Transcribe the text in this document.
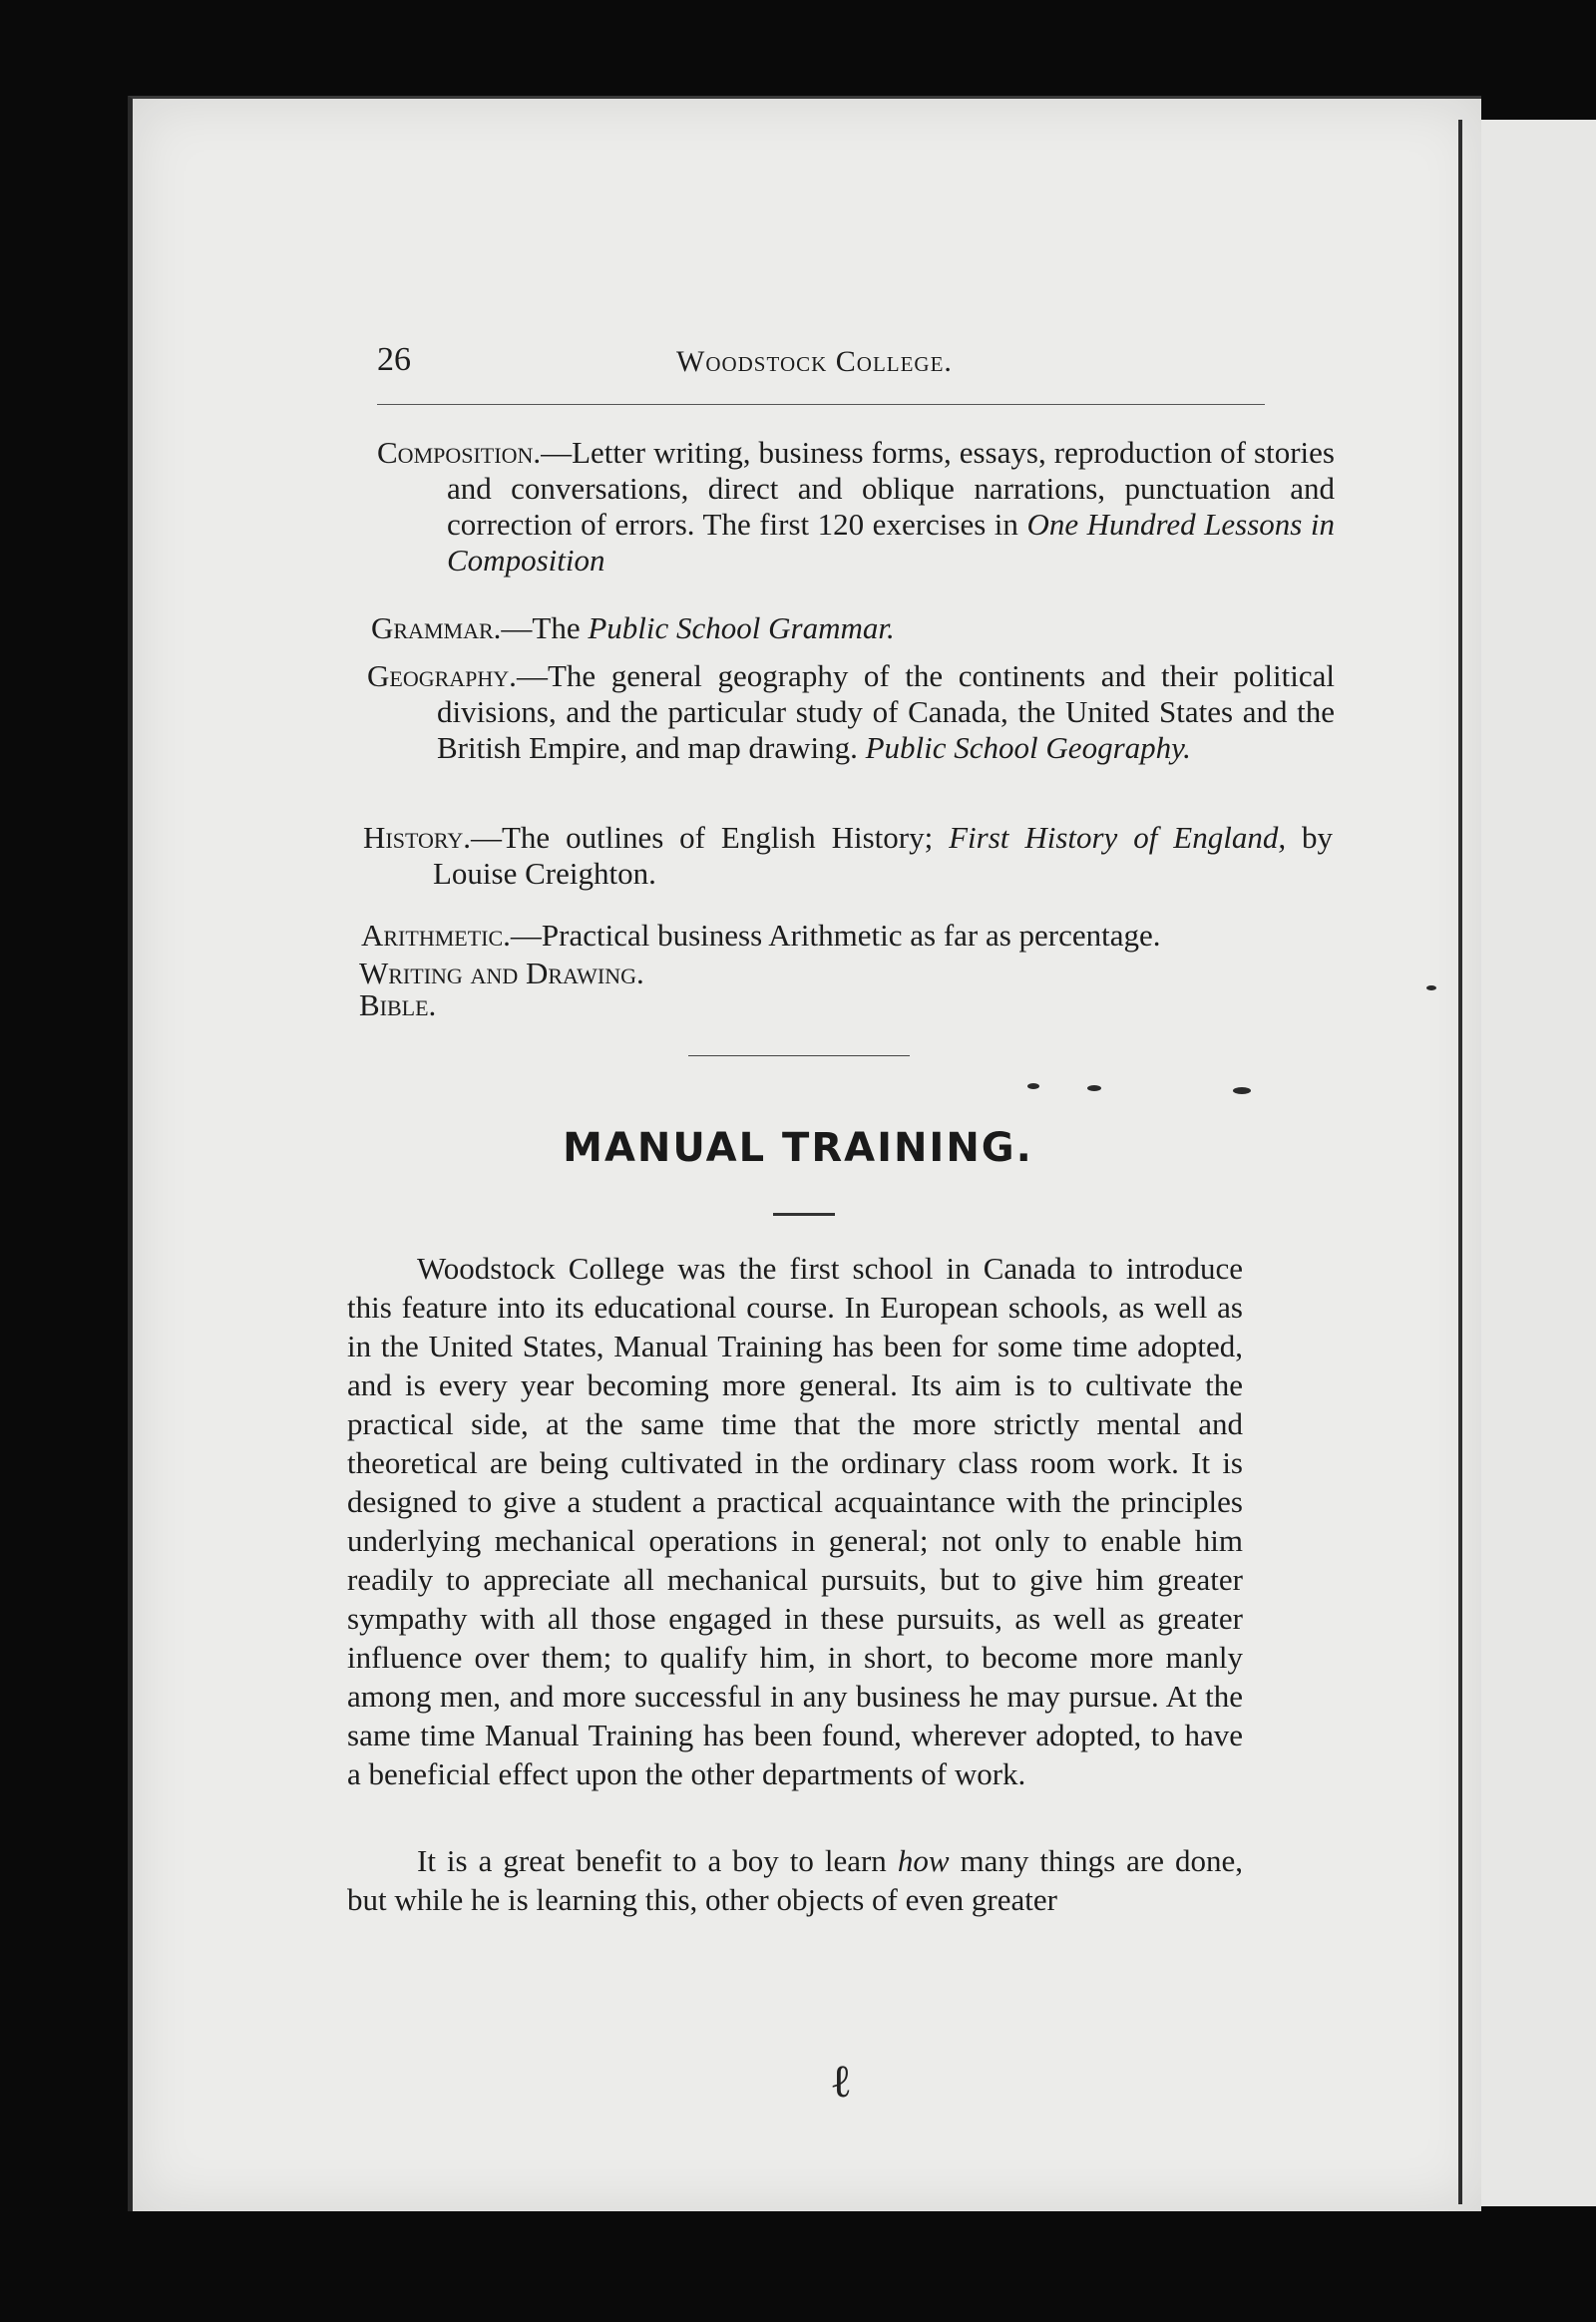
26	Woodstock College.
Composition.—Letter writing, business forms, essays, reproduction of stories and conversations, direct and oblique narrations, punctuation and correction of errors. The first 120 exercises in One Hundred Lessons in Composition
Grammar.—The Public School Grammar.
Geography.—The general geography of the continents and their political divisions, and the particular study of Canada, the United States and the British Empire, and map drawing. Public School Geography.
History.—The outlines of English History; First History of England, by Louise Creighton.
Arithmetic.—Practical business Arithmetic as far as percentage.
Writing and Drawing.
Bible.
MANUAL TRAINING.
Woodstock College was the first school in Canada to introduce this feature into its educational course. In European schools, as well as in the United States, Manual Training has been for some time adopted, and is every year becoming more general. Its aim is to cultivate the practical side, at the same time that the more strictly mental and theoretical are being cultivated in the ordinary class room work. It is designed to give a student a practical acquaintance with the principles underlying mechanical operations in general; not only to enable him readily to appreciate all mechanical pursuits, but to give him greater sympathy with all those engaged in these pursuits, as well as greater influence over them; to qualify him, in short, to become more manly among men, and more successful in any business he may pursue. At the same time Manual Training has been found, wherever adopted, to have a beneficial effect upon the other departments of work.
It is a great benefit to a boy to learn how many things are done, but while he is learning this, other objects of even greater
ℓ
